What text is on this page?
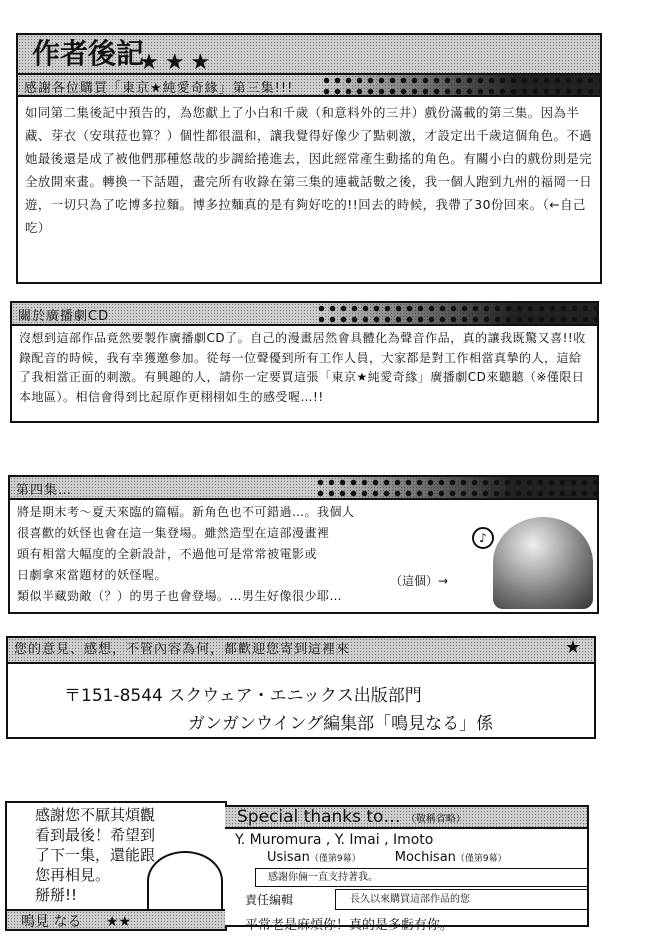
作者後記 ★★★
感謝各位購買「東京★純愛奇緣」第三集!!!
如同第二集後記中預告的，為您獻上了小白和千歲（和意料外的三井）戲份滿載的第三集。因為半藏、芽衣（安琪菈也算？）個性都很溫和，讓我覺得好像少了點刺激，才設定出千歲這個角色。不過她最後還是成了被他們那種悠哉的步調給捲進去，因此經常產生動搖的角色。有關小白的戲份則是完全放開來畫。轉換一下話題，畫完所有收錄在第三集的連載話數之後，我一個人跑到九州的福岡一日遊，一切只為了吃博多拉麵。博多拉麵真的是有夠好吃的!!回去的時候，我帶了30份回來。（←自己吃）
關於廣播劇CD
沒想到這部作品竟然要製作廣播劇CD了。自己的漫畫居然會具體化為聲音作品，真的讓我既驚又喜!!收錄配音的時候，我有幸獲邀參加。從每一位聲優到所有工作人員，大家都是對工作相當真摯的人，這給了我相當正面的刺激。有興趣的人，請你一定要買這張「東京★純愛奇緣」廣播劇CD來聽聽（※僅限日本地區）。相信會得到比起原作更栩栩如生的感受喔…!!
第四集…
將是期末考～夏天來臨的篇幅。新角色也不可錯過…。我個人
很喜歡的妖怪也會在這一集登場。雖然造型在這部漫畫裡
頭有相當大幅度的全新設計，不過他可是常常被電影或
日劇拿來當題材的妖怪喔。
類似半藏勁敵（？）的男子也會登場。…男生好像很少耶…
（這個）→
♪
您的意見、感想，不管內容為何，都歡迎您寄到這裡來	★
〒151-8544 スクウェア・エニックス出版部門
ガンガンウイング編集部「鳴見なる」係
感謝您不厭其煩觀
看到最後！希望到
了下一集，還能跟
您再相見。
掰掰!!
鳴見 なる ★★
Special thanks to… （敬稱省略）
Y. Muromura , Y. Imai , Imoto
Usisan（僅第9幕）	Mochisan（僅第9幕）
感謝你倆一直支持著我。
責任編輯	長久以來購買這部作品的您
平常老是麻煩你！真的是多虧有你。
